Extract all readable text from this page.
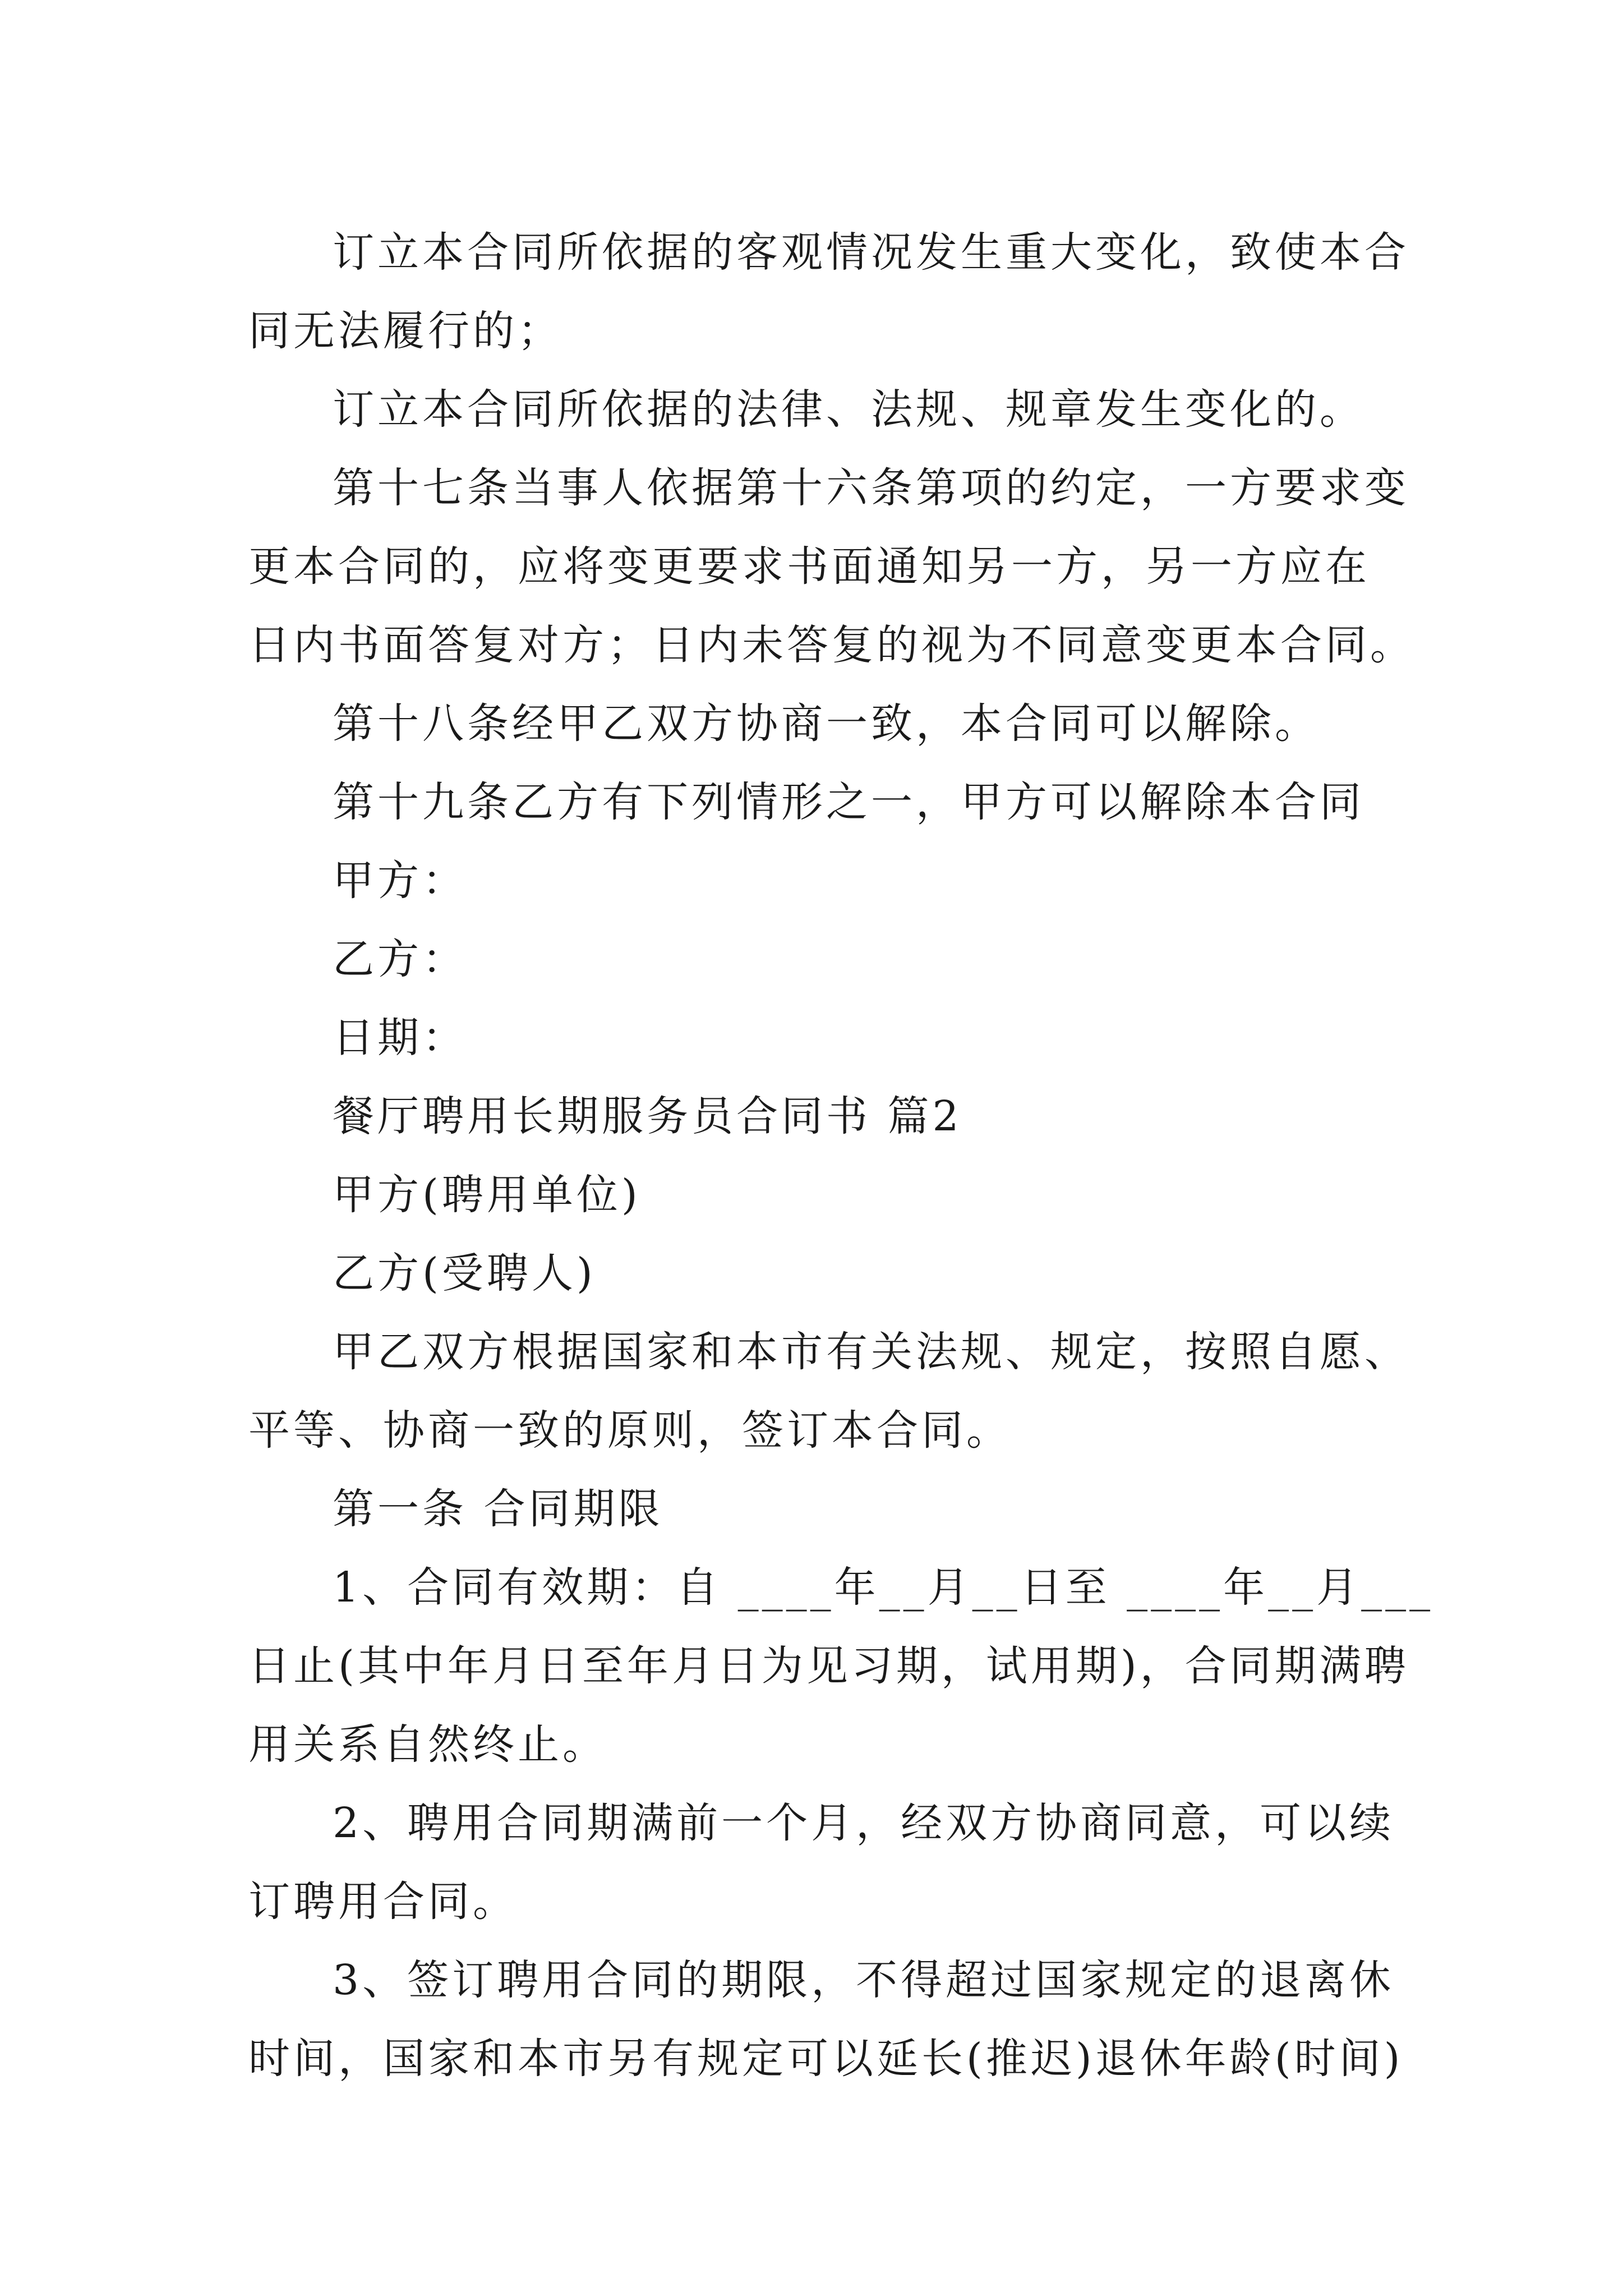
订立本合同所依据的客观情况发生重大变化，致使本合
同无法履行的；
订立本合同所依据的法律、法规、规章发生变化的。
第十七条当事人依据第十六条第项的约定，一方要求变
更本合同的，应将变更要求书面通知另一方，另一方应在
日内书面答复对方；日内未答复的视为不同意变更本合同。
第十八条经甲乙双方协商一致，本合同可以解除。
第十九条乙方有下列情形之一，甲方可以解除本合同
甲方：
乙方：
日期：
餐厅聘用长期服务员合同书 篇2
甲方(聘用单位)
乙方(受聘人)
甲乙双方根据国家和本市有关法规、规定，按照自愿、
平等、协商一致的原则，签订本合同。
第一条 合同期限
1、合同有效期：自 ____年__月__日至 ____年__月___
日止(其中年月日至年月日为见习期，试用期)，合同期满聘
用关系自然终止。
2、聘用合同期满前一个月，经双方协商同意，可以续
订聘用合同。
3、签订聘用合同的期限，不得超过国家规定的退离休
时间，国家和本市另有规定可以延长(推迟)退休年龄(时间)
